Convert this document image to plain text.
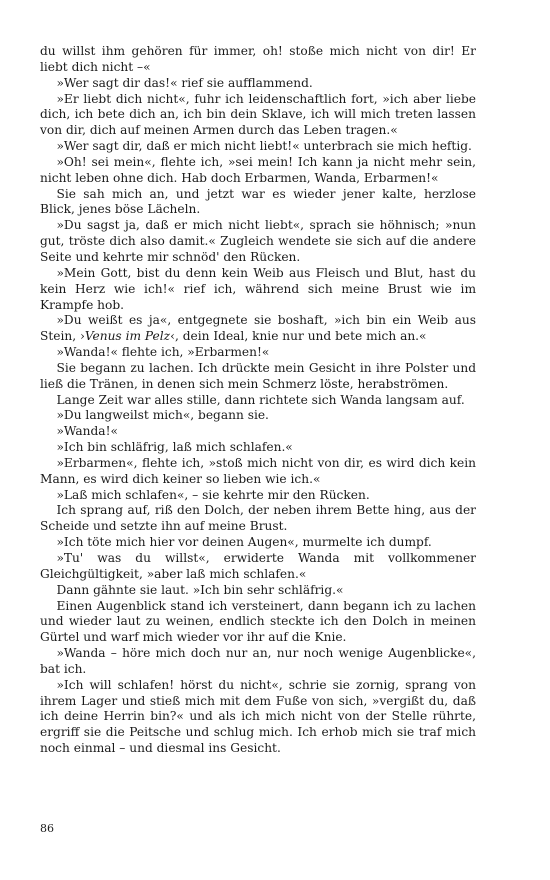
du willst ihm gehören für immer, oh! stoße mich nicht von dir! Er liebt dich nicht –«

»Wer sagt dir das!« rief sie aufflammend.

»Er liebt dich nicht«, fuhr ich leidenschaftlich fort, »ich aber liebe dich, ich bete dich an, ich bin dein Sklave, ich will mich treten lassen von dir, dich auf meinen Armen durch das Leben tragen.«

»Wer sagt dir, daß er mich nicht liebt!« unterbrach sie mich heftig.

»Oh! sei mein«, flehte ich, »sei mein! Ich kann ja nicht mehr sein, nicht leben ohne dich. Hab doch Erbarmen, Wanda, Erbarmen!«

Sie sah mich an, und jetzt war es wieder jener kalte, herzlose Blick, jenes böse Lächeln.

»Du sagst ja, daß er mich nicht liebt«, sprach sie höhnisch; »nun gut, tröste dich also damit.« Zugleich wendete sie sich auf die andere Seite und kehrte mir schnöd' den Rücken.

»Mein Gott, bist du denn kein Weib aus Fleisch und Blut, hast du kein Herz wie ich!« rief ich, während sich meine Brust wie im Krampfe hob.

»Du weißt es ja«, entgegnete sie boshaft, »ich bin ein Weib aus Stein, ›Venus im Pelz‹, dein Ideal, knie nur und bete mich an.«

»Wanda!« flehte ich, »Erbarmen!«

Sie begann zu lachen. Ich drückte mein Gesicht in ihre Polster und ließ die Tränen, in denen sich mein Schmerz löste, herabströmen.

Lange Zeit war alles stille, dann richtete sich Wanda langsam auf.

»Du langweilst mich«, begann sie.

»Wanda!«

»Ich bin schläfrig, laß mich schlafen.«

»Erbarmen«, flehte ich, »stoß mich nicht von dir, es wird dich kein Mann, es wird dich keiner so lieben wie ich.«

»Laß mich schlafen«, – sie kehrte mir den Rücken.

Ich sprang auf, riß den Dolch, der neben ihrem Bette hing, aus der Scheide und setzte ihn auf meine Brust.

»Ich töte mich hier vor deinen Augen«, murmelte ich dumpf.

»Tu' was du willst«, erwiderte Wanda mit vollkommener Gleichgültigkeit, »aber laß mich schlafen.«

Dann gähnte sie laut. »Ich bin sehr schläfrig.«

Einen Augenblick stand ich versteinert, dann begann ich zu lachen und wieder laut zu weinen, endlich steckte ich den Dolch in meinen Gürtel und warf mich wieder vor ihr auf die Knie.

»Wanda – höre mich doch nur an, nur noch wenige Augenblicke«, bat ich.

»Ich will schlafen! hörst du nicht«, schrie sie zornig, sprang von ihrem Lager und stieß mich mit dem Fuße von sich, »vergißt du, daß ich deine Herrin bin?« und als ich mich nicht von der Stelle rührte, ergriff sie die Peitsche und schlug mich. Ich erhob mich sie traf mich noch einmal – und diesmal ins Gesicht.

86
